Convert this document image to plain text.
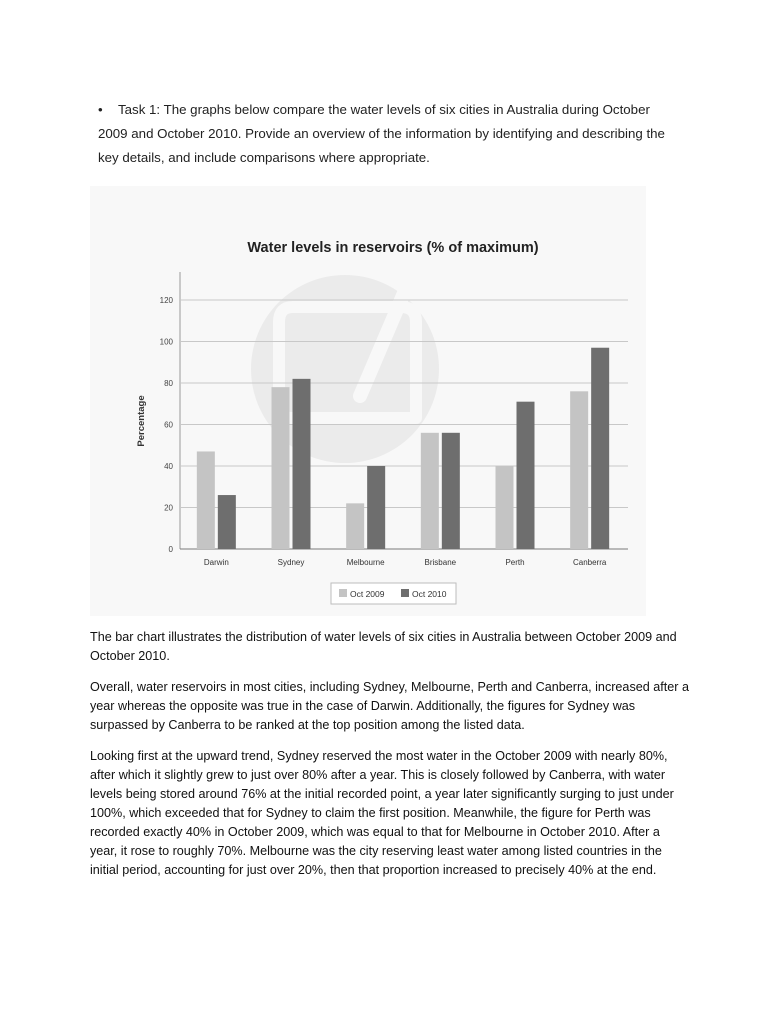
• Task 1: The graphs below compare the water levels of six cities in Australia during October 2009 and October 2010. Provide an overview of the information by identifying and describing the key details, and include comparisons where appropriate.
0
20
40
60
80
100
120
Darwin	Sydney	Melbourne	Brisbane	Perth	Canberra
Water levels in reservoirs (% of maximum)
Percentage
Oct 2009	Oct 2010

The bar chart illustrates the distribution of water levels of six cities in Australia between October 2009 and October 2010.

Overall, water reservoirs in most cities, including Sydney, Melbourne, Perth and Canberra, increased after a year whereas the opposite was true in the case of Darwin. Additionally, the figures for Sydney was surpassed by Canberra to be ranked at the top position among the listed data.

Looking first at the upward trend, Sydney reserved the most water in the October 2009 with nearly 80%, after which it slightly grew to just over 80% after a year. This is closely followed by Canberra, with water levels being stored around 76% at the initial recorded point, a year later significantly surging to just under 100%, which exceeded that for Sydney to claim the first position. Meanwhile, the figure for Perth was recorded exactly 40% in October 2009, which was equal to that for Melbourne in October 2010. After a year, it rose to roughly 70%. Melbourne was the city reserving least water among listed countries in the initial period, accounting for just over 20%, then that proportion increased to precisely 40% at the end.
